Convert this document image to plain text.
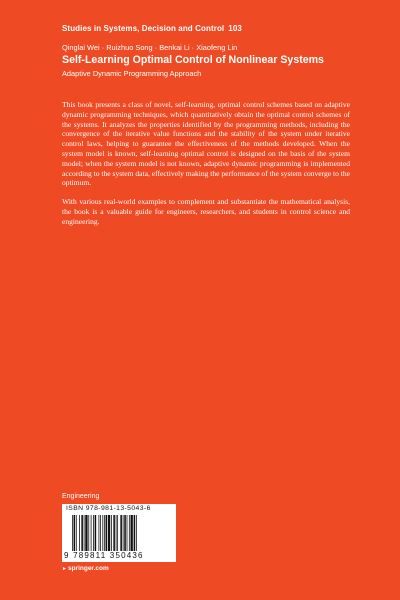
Studies in Systems, Decision and Control 103
Qinglai Wei · Ruizhuo Song · Benkai Li · Xiaofeng Lin
Self-Learning Optimal Control of Nonlinear Systems
Adaptive Dynamic Programming Approach

This book presents a class of novel, self-learning, optimal control schemes based on adaptive dynamic programming techniques, which quantitatively obtain the optimal control schemes of the systems. It analyzes the properties identified by the programming methods, including the convergence of the iterative value functions and the stability of the system under iterative control laws, helping to guarantee the effectiveness of the methods developed. When the system model is known, self-learning optimal control is designed on the basis of the system model; when the system model is not known, adaptive dynamic programming is implemented according to the system data, effectively making the performance of the system converge to the optimum.

With various real-world examples to complement and substantiate the mathematical analysis, the book is a valuable guide for engineers, researchers, and students in control science and engineering.

Engineering
ISBN 978-981-13-5043-6
9 789811 350436
►springer.com
